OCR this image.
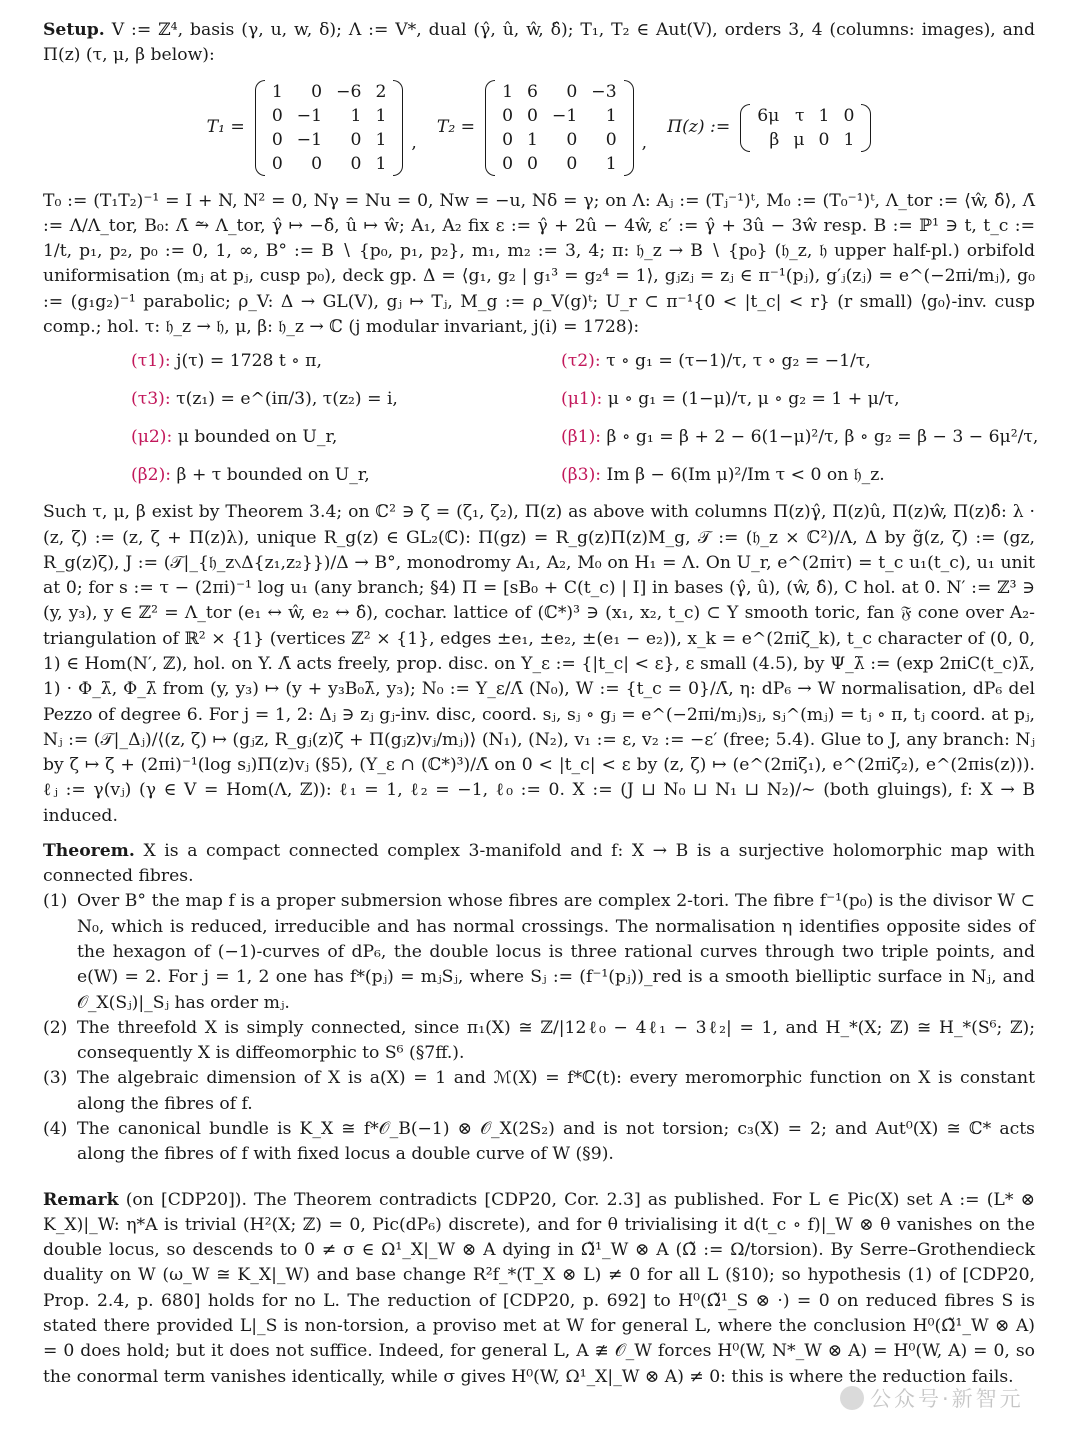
Setup. V := ℤ⁴, basis (γ, u, w, δ); Λ := V*, dual (γ̂, û, ŵ, δ̂); T₁, T₂ ∈ Aut(V), orders 3, 4 (columns: images), and Π(z) (τ, μ, β below):

T₁ =
1	0	−6	2
0	−1	1	1
0	−1	0	1
0	0	0	1
,
T₂ =
1	6	0	−3
0	0	−1	1
0	1	0	0
0	0	0	1
,
Π(z) :=
6μ	τ	1	0
β	μ	0	1

T₀ := (T₁T₂)⁻¹ = I + N, N² = 0, Nγ = Nu = 0, Nw = −u, Nδ = γ; on Λ: Aⱼ := (Tⱼ⁻¹)ᵗ, M₀ := (T₀⁻¹)ᵗ, Λ_tor := ⟨ŵ, δ̂⟩, Λ̄ := Λ/Λ_tor, B₀: Λ̄ ⥲ Λ_tor, γ̂ ↦ −δ̂, û ↦ ŵ; A₁, A₂ fix ε := γ̂ + 2û − 4ŵ, ε′ := γ̂ + 3û − 3ŵ resp. B := ℙ¹ ∋ t, t_c := 1/t, p₁, p₂, p₀ := 0, 1, ∞, B° := B ∖ {p₀, p₁, p₂}, m₁, m₂ := 3, 4; π: 𝔥_z → B ∖ {p₀} (𝔥_z, 𝔥 upper half-pl.) orbifold uniformisation (mⱼ at pⱼ, cusp p₀), deck gp. Δ = ⟨g₁, g₂ | g₁³ = g₂⁴ = 1⟩, gⱼzⱼ = zⱼ ∈ π⁻¹(pⱼ), g′ⱼ(zⱼ) = e^(−2πi/mⱼ), g₀ := (g₁g₂)⁻¹ parabolic; ρ_V: Δ → GL(V), gⱼ ↦ Tⱼ, M_g := ρ_V(g)ᵗ; U_r ⊂ π⁻¹{0 < |t_c| < r} (r small) ⟨g₀⟩-inv. cusp comp.; hol. τ: 𝔥_z → 𝔥, μ, β: 𝔥_z → ℂ (j modular invariant, j(i) = 1728):

(τ1): j(τ) = 1728 t ∘ π,	(τ2): τ ∘ g₁ = (τ−1)/τ, τ ∘ g₂ = −1/τ,
(τ3): τ(z₁) = e^(iπ/3), τ(z₂) = i,	(μ1): μ ∘ g₁ = (1−μ)/τ, μ ∘ g₂ = 1 + μ/τ,
(μ2): μ bounded on U_r,	(β1): β ∘ g₁ = β + 2 − 6(1−μ)²/τ, β ∘ g₂ = β − 3 − 6μ²/τ,
(β2): β + τ bounded on U_r,	(β3): Im β − 6(Im μ)²/Im τ < 0 on 𝔥_z.

Such τ, μ, β exist by Theorem 3.4; on ℂ² ∋ ζ = (ζ₁, ζ₂), Π(z) as above with columns Π(z)γ̂, Π(z)û, Π(z)ŵ, Π(z)δ̂: λ · (z, ζ) := (z, ζ + Π(z)λ), unique R_g(z) ∈ GL₂(ℂ): Π(gz) = R_g(z)Π(z)M_g, 𝒯 := (𝔥_z × ℂ²)/Λ, Δ by g̃(z, ζ) := (gz, R_g(z)ζ), J := (𝒯|_{𝔥_z∖Δ{z₁,z₂}})/Δ → B°, monodromy A₁, A₂, M₀ on H₁ = Λ. On U_r, e^(2πiτ) = t_c u₁(t_c), u₁ unit at 0; for s := τ − (2πi)⁻¹ log u₁ (any branch; §4) Π = [sB₀ + C(t_c) | I] in bases (γ̂, û), (ŵ, δ̂), C hol. at 0. N′ := ℤ³ ∋ (y, y₃), y ∈ ℤ² = Λ_tor (e₁ ↔ ŵ, e₂ ↔ δ̂), cochar. lattice of (ℂ*)³ ∋ (x₁, x₂, t_c) ⊂ Y smooth toric, fan 𝔉 cone over A₂-triangulation of ℝ² × {1} (vertices ℤ² × {1}, edges ±e₁, ±e₂, ±(e₁ − e₂)), x_k = e^(2πiζ_k), t_c character of (0, 0, 1) ∈ Hom(N′, ℤ), hol. on Y. Λ̄ acts freely, prop. disc. on Y_ε := {|t_c| < ε}, ε small (4.5), by Ψ_λ̄ := (exp 2πiC(t_c)λ̄, 1) · Φ_λ̄, Φ_λ̄ from (y, y₃) ↦ (y + y₃B₀λ̄, y₃); N₀ := Y_ε/Λ̄ (N₀), W := {t_c = 0}/Λ̄, η: dP₆ → W normalisation, dP₆ del Pezzo of degree 6. For j = 1, 2: Δⱼ ∋ zⱼ gⱼ-inv. disc, coord. sⱼ, sⱼ ∘ gⱼ = e^(−2πi/mⱼ)sⱼ, sⱼ^(mⱼ) = tⱼ ∘ π, tⱼ coord. at pⱼ, Nⱼ := (𝒯|_Δⱼ)/⟨(z, ζ) ↦ (gⱼz, R_gⱼ(z)ζ + Π(gⱼz)vⱼ/mⱼ)⟩ (N₁), (N₂), v₁ := ε, v₂ := −ε′ (free; 5.4). Glue to J, any branch: Nⱼ by ζ ↦ ζ + (2πi)⁻¹(log sⱼ)Π(z)vⱼ (§5), (Y_ε ∩ (ℂ*)³)/Λ̄ on 0 < |t_c| < ε by (z, ζ) ↦ (e^(2πiζ₁), e^(2πiζ₂), e^(2πis(z))). ℓⱼ := γ(vⱼ) (γ ∈ V = Hom(Λ, ℤ)): ℓ₁ = 1, ℓ₂ = −1, ℓ₀ := 0. X := (J ⊔ N₀ ⊔ N₁ ⊔ N₂)/∼ (both gluings), f: X → B induced.

Theorem. X is a compact connected complex 3-manifold and f: X → B is a surjective holomorphic map with connected fibres.

(1) Over B° the map f is a proper submersion whose fibres are complex 2-tori. The fibre f⁻¹(p₀) is the divisor W ⊂ N₀, which is reduced, irreducible and has normal crossings. The normalisation η identifies opposite sides of the hexagon of (−1)-curves of dP₆, the double locus is three rational curves through two triple points, and e(W) = 2. For j = 1, 2 one has f*(pⱼ) = mⱼSⱼ, where Sⱼ := (f⁻¹(pⱼ))_red is a smooth bielliptic surface in Nⱼ, and 𝒪_X(Sⱼ)|_Sⱼ has order mⱼ.
(2) The threefold X is simply connected, since π₁(X) ≅ ℤ/|12ℓ₀ − 4ℓ₁ − 3ℓ₂| = 1, and H_*(X; ℤ) ≅ H_*(S⁶; ℤ); consequently X is diffeomorphic to S⁶ (§7ff.).
(3) The algebraic dimension of X is a(X) = 1 and ℳ(X) = f*ℂ(t): every meromorphic function on X is constant along the fibres of f.
(4) The canonical bundle is K_X ≅ f*𝒪_B(−1) ⊗ 𝒪_X(2S₂) and is not torsion; c₃(X) = 2; and Aut⁰(X) ≅ ℂ* acts along the fibres of f with fixed locus a double curve of W (§9).

Remark (on [CDP20]). The Theorem contradicts [CDP20, Cor. 2.3] as published. For L ∈ Pic(X) set A := (L* ⊗ K_X)|_W: η*A is trivial (H²(X; ℤ) = 0, Pic(dP₆) discrete), and for θ trivialising it d(t_c ∘ f)|_W ⊗ θ vanishes on the double locus, so descends to 0 ≠ σ ∈ Ω¹_X|_W ⊗ A dying in Ω̃¹_W ⊗ A (Ω̃ := Ω/torsion). By Serre–Grothendieck duality on W (ω_W ≅ K_X|_W) and base change R²f_*(T_X ⊗ L) ≠ 0 for all L (§10); so hypothesis (1) of [CDP20, Prop. 2.4, p. 680] holds for no L. The reduction of [CDP20, p. 692] to H⁰(Ω̃¹_S ⊗ ·) = 0 on reduced fibres S is stated there provided L|_S is non-torsion, a proviso met at W for general L, where the conclusion H⁰(Ω̃¹_W ⊗ A) = 0 does hold; but it does not suffice. Indeed, for general L, A ≇ 𝒪_W forces H⁰(W, N*_W ⊗ A) = H⁰(W, A) = 0, so the conormal term vanishes identically, while σ gives H⁰(W, Ω¹_X|_W ⊗ A) ≠ 0: this is where the reduction fails.

公众号·新智元
